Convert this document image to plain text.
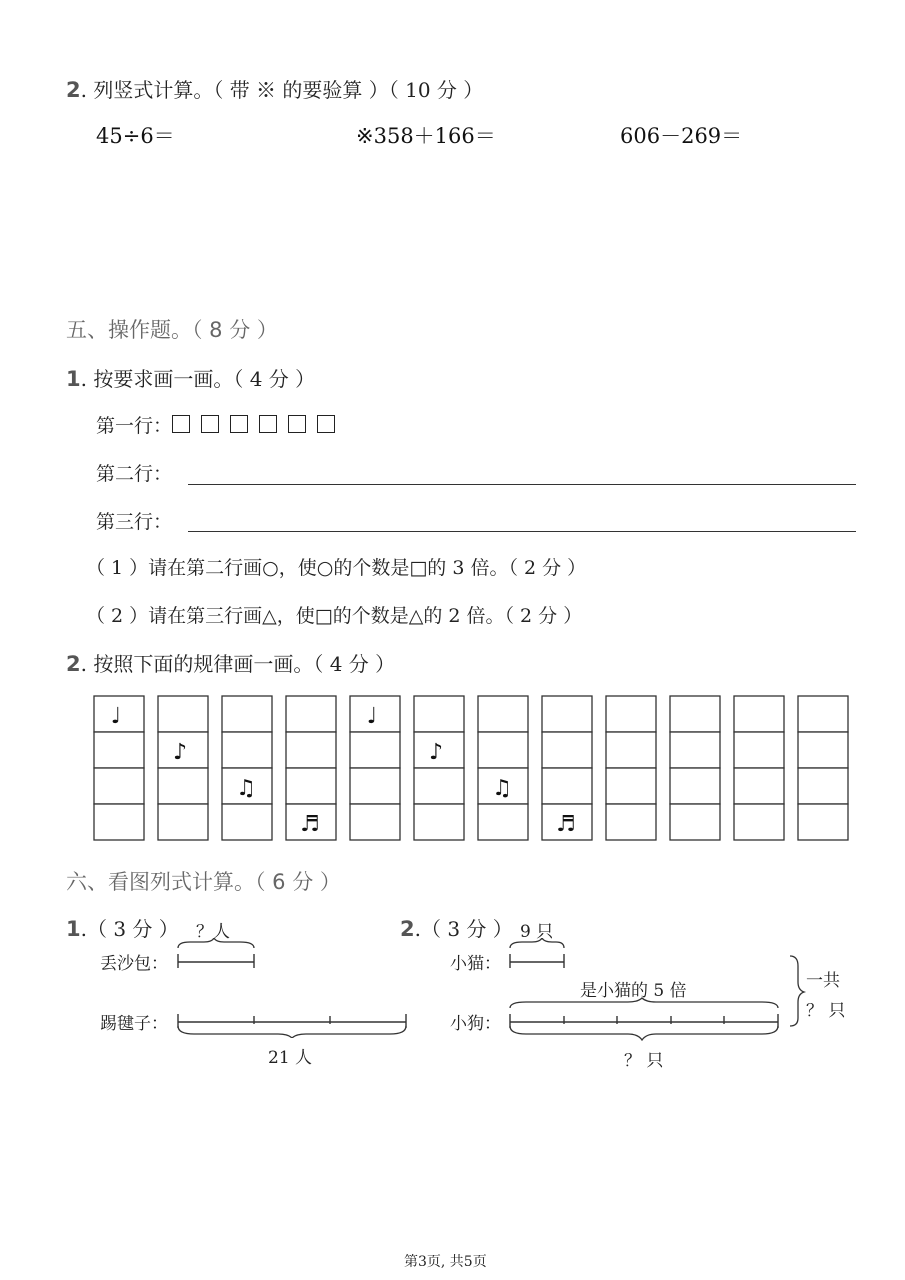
2. 列竖式计算。（ 带 ※ 的要验算 ）（ 10 分 ）
45÷6＝	※358＋166＝	606－269＝
五、操作题。（ 8 分 ）
1. 按要求画一画。（ 4 分 ）
第一行：
第二行：
第三行：
（ 1 ）请在第二行画○，使○的个数是□的 3 倍。（ 2 分 ）
（ 2 ）请在第三行画△，使□的个数是△的 2 倍。（ 2 分 ）
2. 按照下面的规律画一画。（ 4 分 ）
♩
♪
♫
♬
♩
♪
♫
♬
六、看图列式计算。（ 6 分 ）
1.（ 3 分 ） ？人
丢沙包：
踢毽子：
21 人
2.（ 3 分 ） 9 只
小猫：
是小猫的 5 倍
小狗：
一共
？ 只
？ 只
第3页, 共5页
